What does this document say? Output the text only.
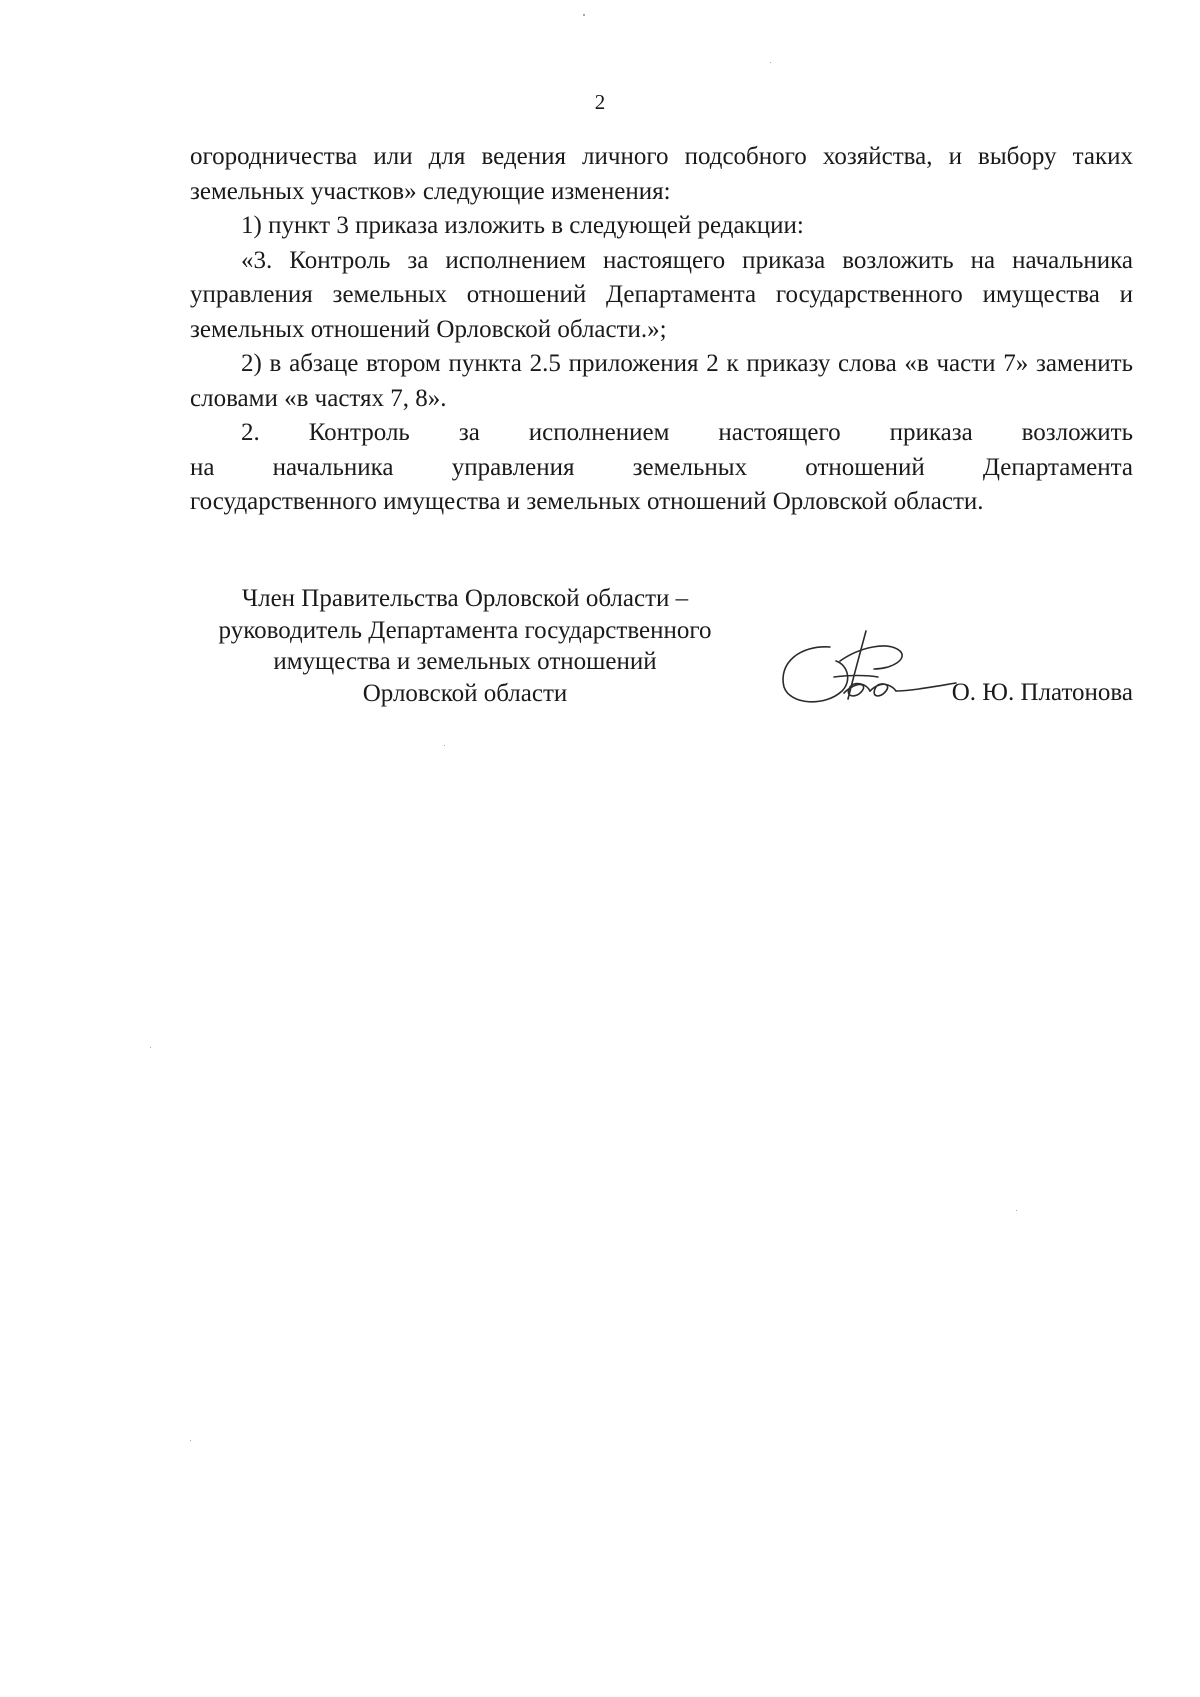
2

огородничества или для ведения личного подсобного хозяйства, и выбору таких земельных участков» следующие изменения:

1) пункт 3 приказа изложить в следующей редакции:

«3. Контроль за исполнением настоящего приказа возложить на начальника управления земельных отношений Департамента государственного имущества и земельных отношений Орловской области.»;

2) в абзаце втором пункта 2.5 приложения 2 к приказу слова «в части 7» заменить словами «в частях 7, 8».

2. Контроль за исполнением настоящего приказа возложить

на начальника управления земельных отношений Департамента

государственного имущества и земельных отношений Орловской области.

Член Правительства Орловской области –
руководитель Департамента государственного
имущества и земельных отношений
Орловской области	О. Ю. Платонова
